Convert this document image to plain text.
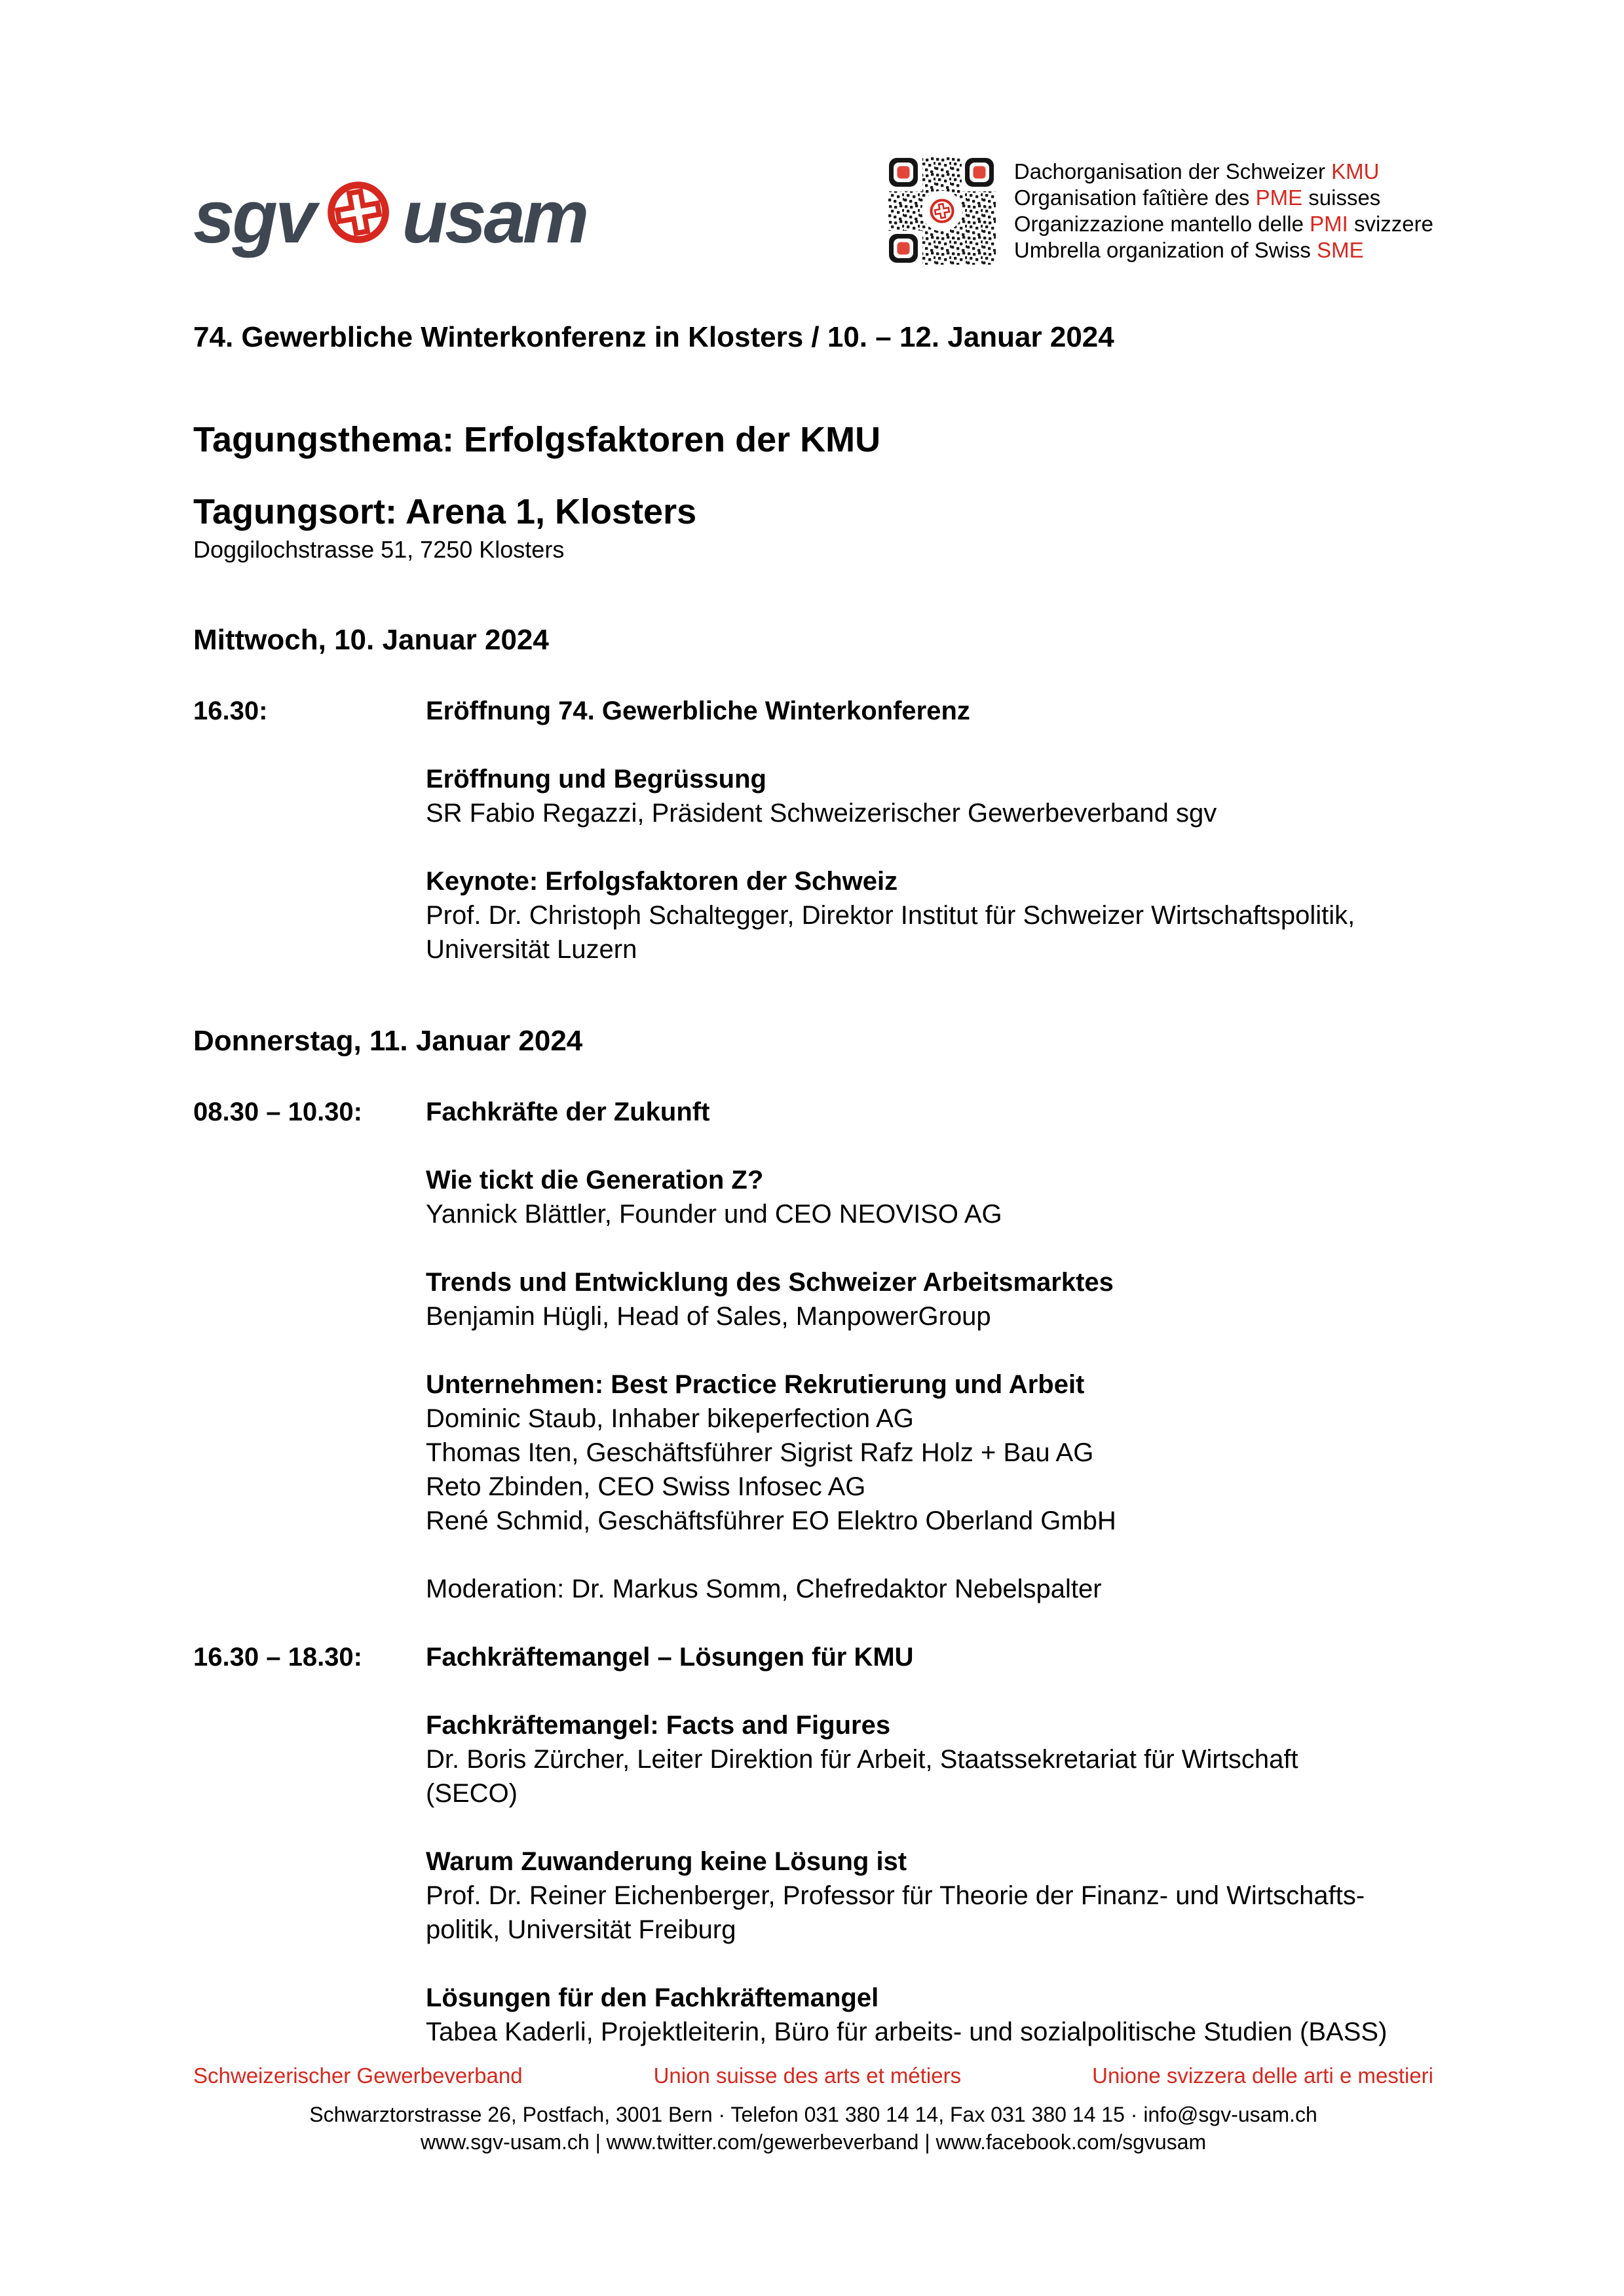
sgv usam
Dachorganisation der Schweizer KMU
Organisation faîtière des PME suisses
Organizzazione mantello delle PMI svizzere
Umbrella organization of Swiss SME
74. Gewerbliche Winterkonferenz in Klosters / 10. – 12. Januar 2024
Tagungsthema: Erfolgsfaktoren der KMU
Tagungsort: Arena 1, Klosters
Doggilochstrasse 51, 7250 Klosters
Mittwoch, 10. Januar 2024
16.30:	Eröffnung 74. Gewerbliche Winterkonferenz
Eröffnung und Begrüssung
SR Fabio Regazzi, Präsident Schweizerischer Gewerbeverband sgv
Keynote: Erfolgsfaktoren der Schweiz
Prof. Dr. Christoph Schaltegger, Direktor Institut für Schweizer Wirtschaftspolitik,
Universität Luzern
Donnerstag, 11. Januar 2024
08.30 – 10.30:	Fachkräfte der Zukunft
Wie tickt die Generation Z?
Yannick Blättler, Founder und CEO NEOVISO AG
Trends und Entwicklung des Schweizer Arbeitsmarktes
Benjamin Hügli, Head of Sales, ManpowerGroup
Unternehmen: Best Practice Rekrutierung und Arbeit
Dominic Staub, Inhaber bikeperfection AG
Thomas Iten, Geschäftsführer Sigrist Rafz Holz + Bau AG
Reto Zbinden, CEO Swiss Infosec AG
René Schmid, Geschäftsführer EO Elektro Oberland GmbH
Moderation: Dr. Markus Somm, Chefredaktor Nebelspalter
16.30 – 18.30:	Fachkräftemangel – Lösungen für KMU
Fachkräftemangel: Facts and Figures
Dr. Boris Zürcher, Leiter Direktion für Arbeit, Staatssekretariat für Wirtschaft
(SECO)
Warum Zuwanderung keine Lösung ist
Prof. Dr. Reiner Eichenberger, Professor für Theorie der Finanz- und Wirtschafts-
politik, Universität Freiburg
Lösungen für den Fachkräftemangel
Tabea Kaderli, Projektleiterin, Büro für arbeits- und sozialpolitische Studien (BASS)
Schweizerischer Gewerbeverband	Union suisse des arts et métiers	Unione svizzera delle arti e mestieri
Schwarztorstrasse 26, Postfach, 3001 Bern · Telefon 031 380 14 14, Fax 031 380 14 15 · info@sgv-usam.ch
www.sgv-usam.ch | www.twitter.com/gewerbeverband | www.facebook.com/sgvusam
